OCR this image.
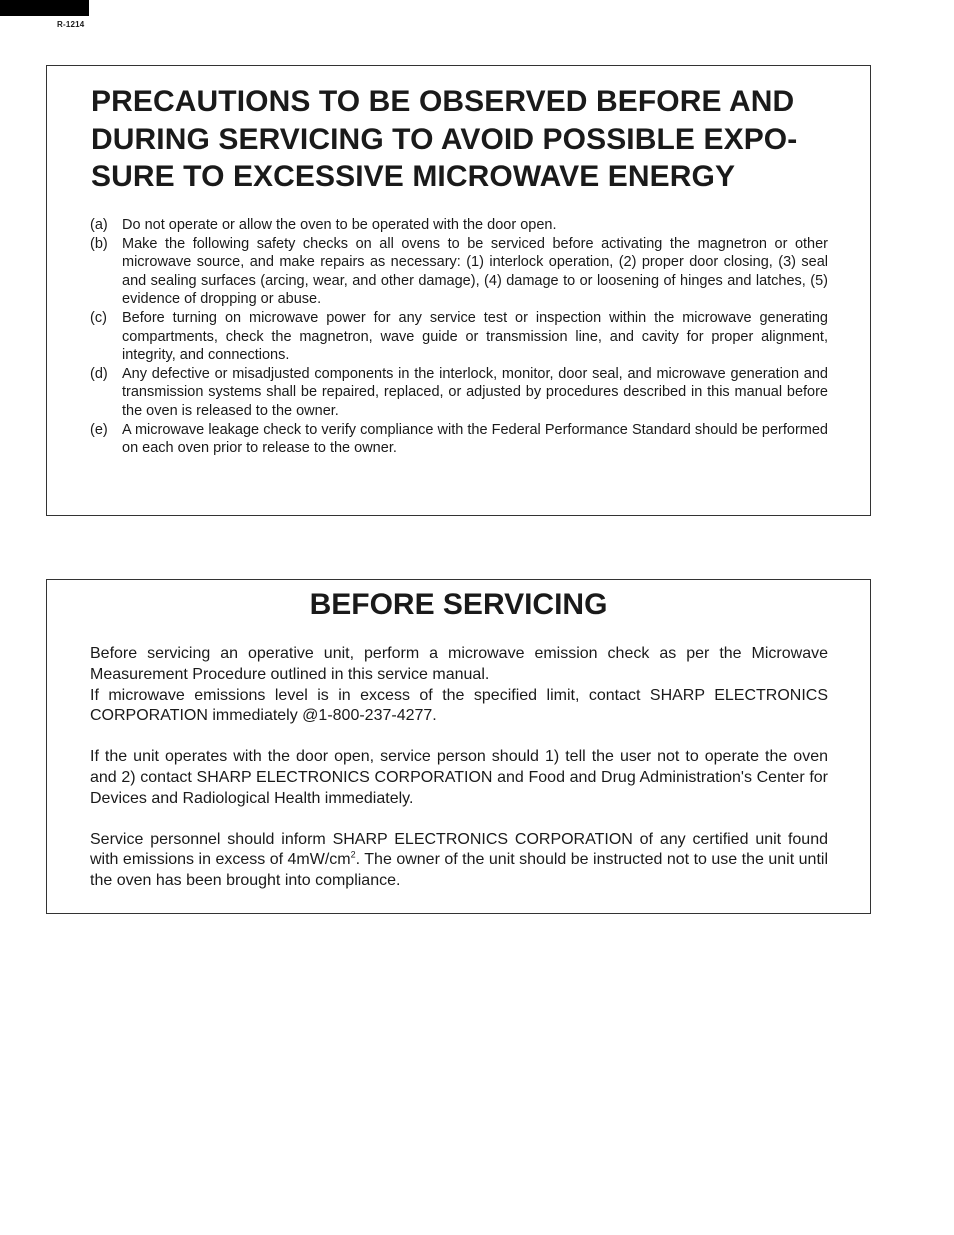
R-1214
PRECAUTIONS TO BE OBSERVED BEFORE AND
DURING SERVICING TO AVOID POSSIBLE EXPO-
SURE TO EXCESSIVE MICROWAVE ENERGY
(a) Do not operate or allow the oven to be operated with the door open.
(b) Make the following safety checks on all ovens to be serviced before activating the magnetron or other microwave source, and make repairs as necessary: (1) interlock operation, (2) proper door closing, (3) seal and sealing surfaces (arcing, wear, and other damage), (4) damage to or loosening of hinges and latches, (5) evidence of dropping or abuse.
(c)	Before turning on microwave power for any service test or inspection within the microwave generating compartments, check the magnetron, wave guide or transmission line, and cavity for proper alignment, integrity, and connections.
(d) Any defective or misadjusted components in the interlock, monitor, door seal, and microwave generation and transmission systems shall be repaired, replaced, or adjusted by procedures described in this manual before the oven is released to the owner.
(e) A microwave leakage check to verify compliance with the Federal Performance Standard should be performed on each oven prior to release to the owner.
BEFORE SERVICING

Before servicing an operative unit, perform a microwave emission check as per the Microwave Measurement Procedure outlined in this service manual.

If microwave emissions level is in excess of the specified limit, contact SHARP ELECTRONICS CORPORATION immediately @1-800-237-4277.

If the unit operates with the door open, service person should 1) tell the user not to operate the oven and 2) contact SHARP ELECTRONICS CORPORATION and Food and Drug Administration's Center for Devices and Radiological Health immediately.

Service personnel should inform SHARP ELECTRONICS CORPORATION of any certified unit found with emissions in excess of $4mW/cm^2$. The owner of the unit should be instructed not to use the unit until the oven has been brought into compliance.
